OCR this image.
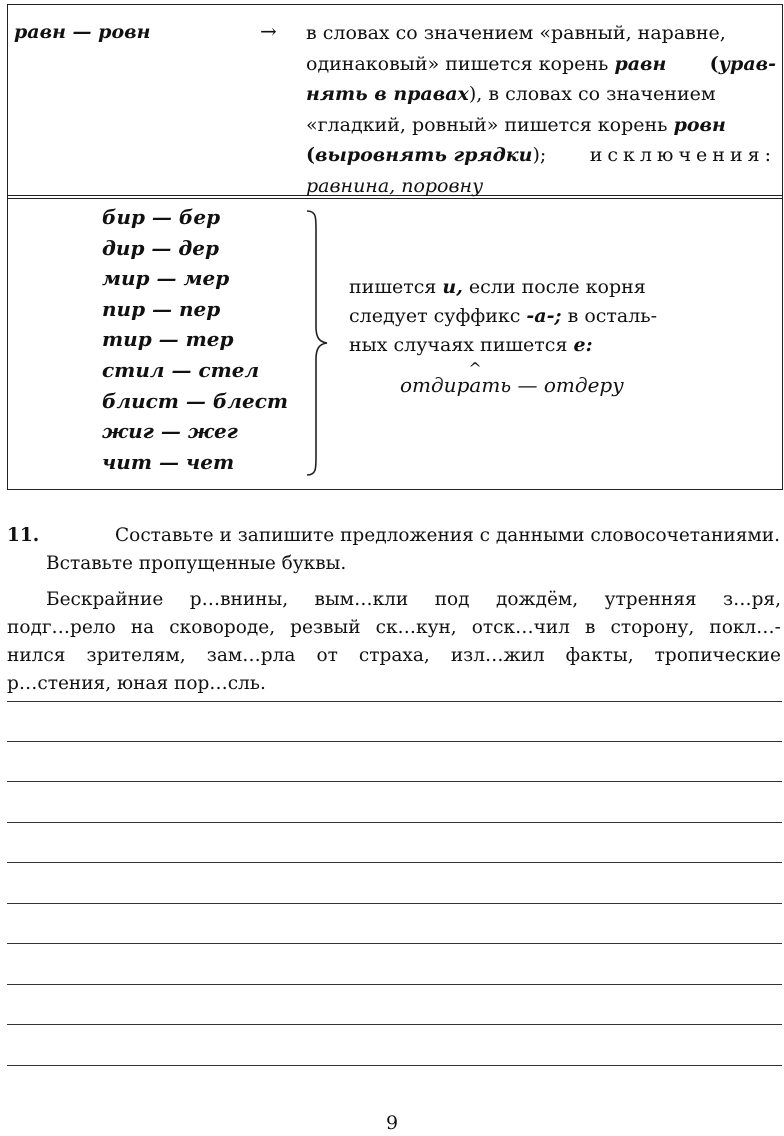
равн — ровн	→ в словах со значением «равный, наравне,
одинаковый» пишется корень равн (урав-
нять в правах), в словах со значением
«гладкий, ровный» пишется корень ровн
(выровнять грядки); исключения:
равнина, поровну
бир — бер
дир — дер
мир — мер
пир — пер
тир — тер
стил — стел
блист — блест
жиг — жег
чит — чет
пишется и, если после корня
следует суффикс -а-; в осталь-
ных случаях пишется е:
отдир
^
ать — отдеру
11.	Составьте и запишите предложения с данными словосочетаниями.
Вставьте пропущенные буквы.
Бескрайние р…внины, вым…кли под дождём, утренняя з…ря,
подг…рело на сковороде, резвый ск…кун, отск…чил в сторону, покл…-
нился зрителям, зам…рла от страха, изл…жил факты, тропические
р…стения, юная пор…сль.
9
